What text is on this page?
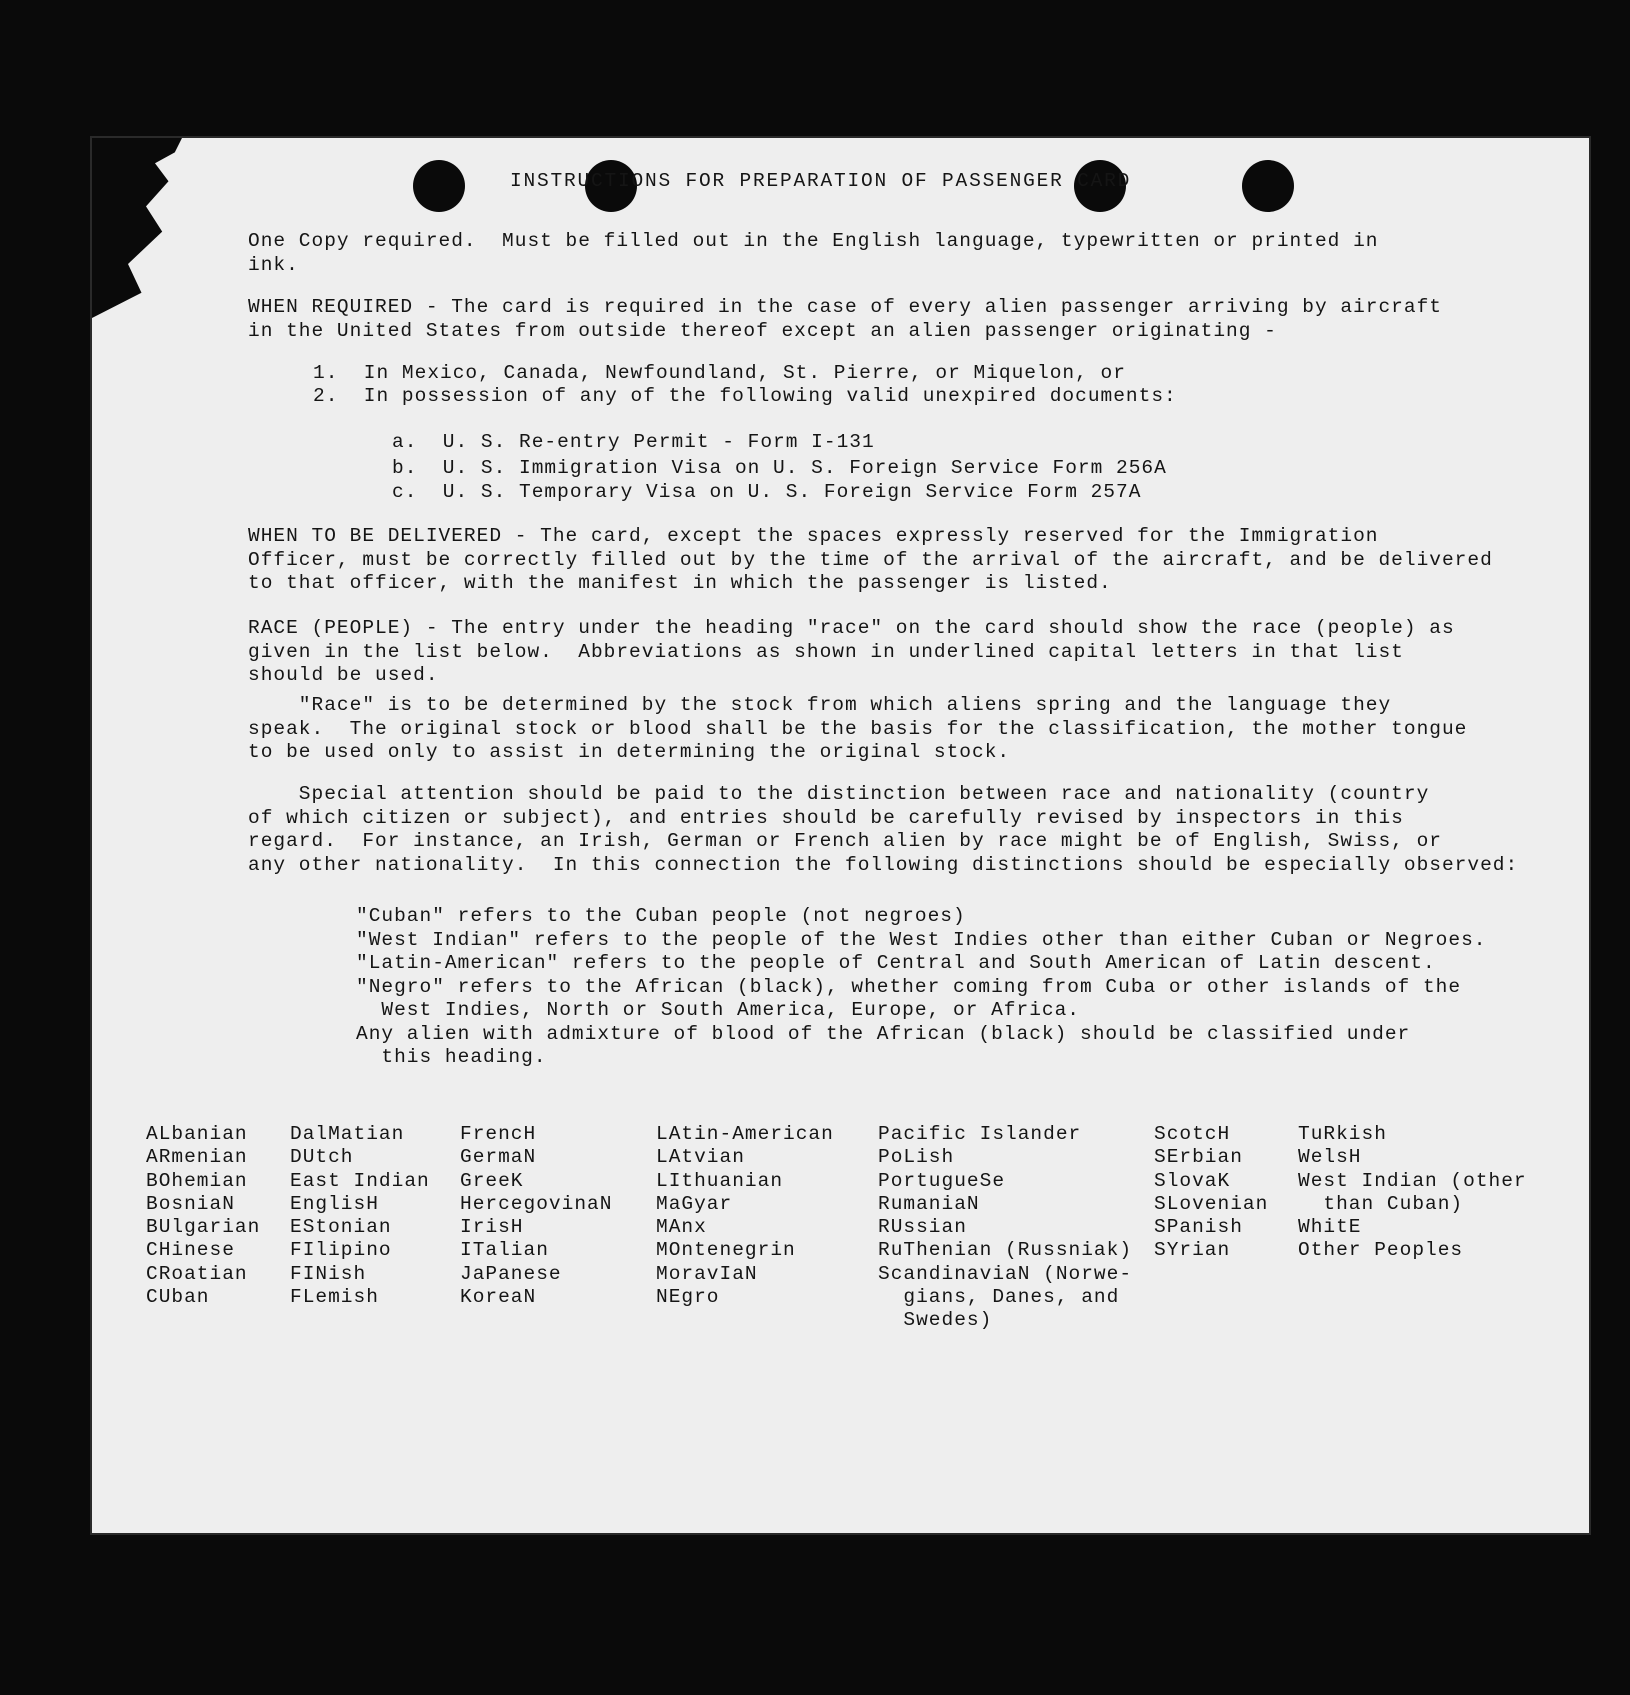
INSTRUCTIONS FOR PREPARATION OF PASSENGER CARD
One Copy required.  Must be filled out in the English language, typewritten or printed in
ink.
WHEN REQUIRED - The card is required in the case of every alien passenger arriving by aircraft
in the United States from outside thereof except an alien passenger originating -
1.  In Mexico, Canada, Newfoundland, St. Pierre, or Miquelon, or
2.  In possession of any of the following valid unexpired documents:
a.  U. S. Re-entry Permit - Form I-131
b.  U. S. Immigration Visa on U. S. Foreign Service Form 256A
c.  U. S. Temporary Visa on U. S. Foreign Service Form 257A
WHEN TO BE DELIVERED - The card, except the spaces expressly reserved for the Immigration
Officer, must be correctly filled out by the time of the arrival of the aircraft, and be delivered
to that officer, with the manifest in which the passenger is listed.
RACE (PEOPLE) - The entry under the heading "race" on the card should show the race (people) as
given in the list below.  Abbreviations as shown in underlined capital letters in that list
should be used.
"Race" is to be determined by the stock from which aliens spring and the language they
speak.  The original stock or blood shall be the basis for the classification, the mother tongue
to be used only to assist in determining the original stock.
Special attention should be paid to the distinction between race and nationality (country
of which citizen or subject), and entries should be carefully revised by inspectors in this
regard.  For instance, an Irish, German or French alien by race might be of English, Swiss, or
any other nationality.  In this connection the following distinctions should be especially observed:
"Cuban" refers to the Cuban people (not negroes)
"West Indian" refers to the people of the West Indies other than either Cuban or Negroes.
"Latin-American" refers to the people of Central and South American of Latin descent.
"Negro" refers to the African (black), whether coming from Cuba or other islands of the
West Indies, North or South America, Europe, or Africa.
Any alien with admixture of blood of the African (black) should be classified under
this heading.
ALbanian
ARmenian
BOhemian
BosniaN
BUlgarian
CHinese
CRoatian
CUban
DalMatian
DUtch
East Indian
EnglisH
EStonian
FIlipino
FINish
FLemish
FrencH
GermaN
GreeK
HercegovinaN
IrisH
ITalian
JaPanese
KoreaN
LAtin-American
LAtvian
LIthuanian
MaGyar
MAnx
MOntenegrin
MoravIaN
NEgro
Pacific Islander
PoLish
PortugueSe
RumaniaN
RUssian
RuThenian (Russniak)
ScandinaviaN (Norwe-
gians, Danes, and
Swedes)
ScotcH
SErbian
SlovaK
SLovenian
SPanish
SYrian
TuRkish
WelsH
West Indian (other
than Cuban)
WhitE
Other Peoples
